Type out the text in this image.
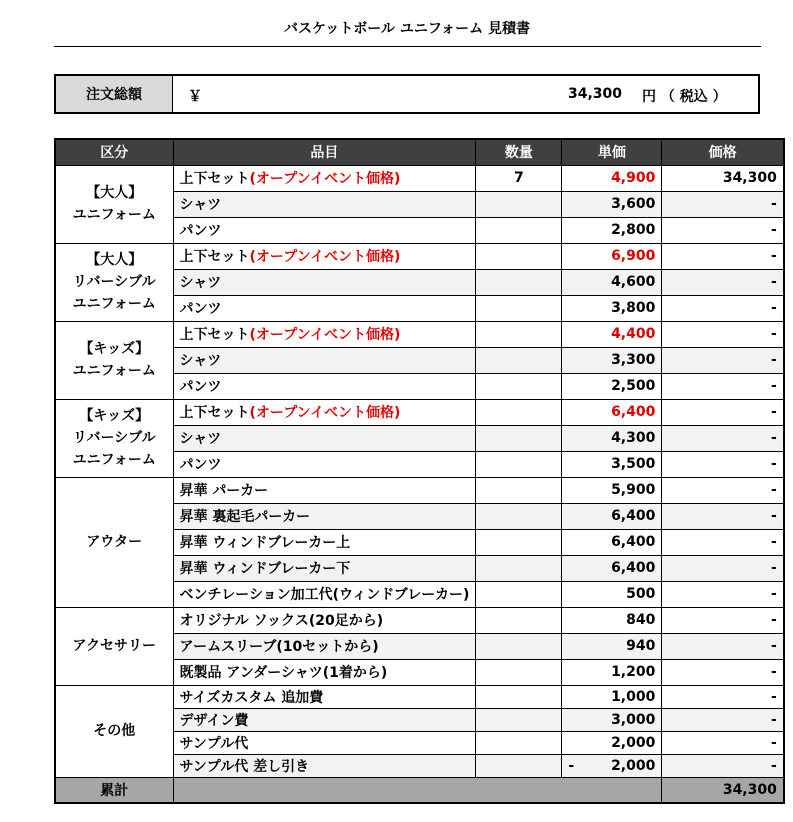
バスケットボール ユニフォーム 見積書
注文総額	￥	34,300 円 （ 税込 ）
区分	品目	数量	単価	価格

【大人】
ユニフォーム	上下セット(オープンイベント価格)	7	4,900	34,300
	シャツ		3,600	-
	パンツ		2,800	-

【大人】
リバーシブル
ユニフォーム	上下セット(オープンイベント価格)		6,900	-
	シャツ		4,600	-
	パンツ		3,800	-

【キッズ】
ユニフォーム	上下セット(オープンイベント価格)		4,400	-
	シャツ		3,300	-
	パンツ		2,500	-

【キッズ】
リバーシブル
ユニフォーム	上下セット(オープンイベント価格)		6,400	-
	シャツ		4,300	-
	パンツ		3,500	-

アウター	昇華 パーカー		5,900	-
	昇華 裏起毛パーカー		6,400	-
	昇華 ウィンドブレーカー上		6,400	-
	昇華 ウィンドブレーカー下		6,400	-
	ベンチレーション加工代(ウィンドブレーカー)		500	-

アクセサリー	オリジナル ソックス(20足から)		840	-
	アームスリーブ(10セットから)		940	-
	既製品 アンダーシャツ(1着から)		1,200	-

その他	サイズカスタム 追加費		1,000	-
	デザイン費		3,000	-
	サンプル代		2,000	-
	サンプル代 差し引き		- 2,000	-
累計				34,300
